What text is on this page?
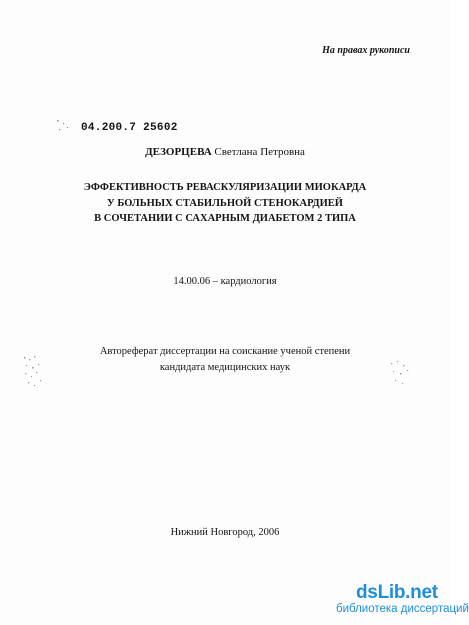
На правах рукописи
04.200.7 25602
ДЕЗОРЦЕВА Светлана Петровна
ЭФФЕКТИВНОСТЬ РЕВАСКУЛЯРИЗАЦИИ МИОКАРДА
У БОЛЬНЫХ СТАБИЛЬНОЙ СТЕНОКАРДИЕЙ
В СОЧЕТАНИИ С САХАРНЫМ ДИАБЕТОМ 2 ТИПА
14.00.06 – кардиология
Автореферат диссертации на соискание ученой степени
кандидата медицинских наук
Нижний Новгород, 2006
dsLib.net
библиотека диссертаций
